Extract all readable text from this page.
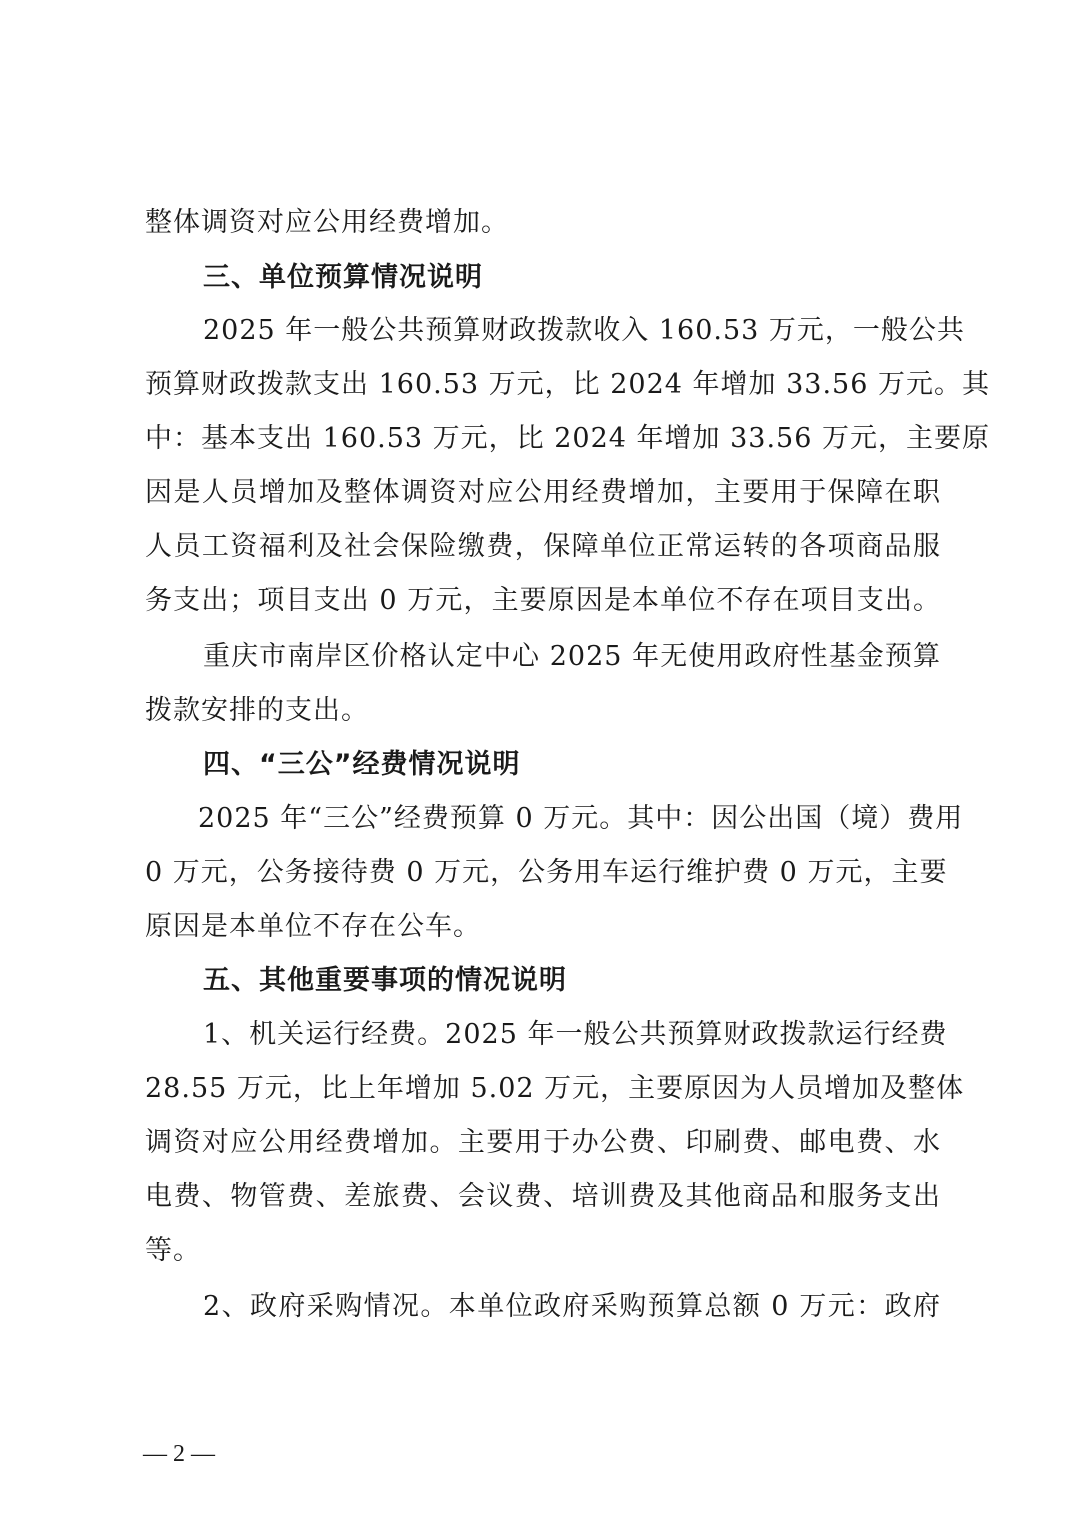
整体调资对应公用经费增加。
三、单位预算情况说明
2025 年一般公共预算财政拨款收入 160.53 万元，一般公共
预算财政拨款支出 160.53 万元，比 2024 年增加 33.56 万元。其
中：基本支出 160.53 万元，比 2024 年增加 33.56 万元，主要原
因是人员增加及整体调资对应公用经费增加，主要用于保障在职
人员工资福利及社会保险缴费，保障单位正常运转的各项商品服
务支出；项目支出 0 万元，主要原因是本单位不存在项目支出。
重庆市南岸区价格认定中心 2025 年无使用政府性基金预算
拨款安排的支出。
四、“三公”经费情况说明
2025 年“三公”经费预算 0 万元。其中：因公出国（境）费用
0 万元，公务接待费 0 万元，公务用车运行维护费 0 万元，主要
原因是本单位不存在公车。
五、其他重要事项的情况说明
1、机关运行经费。2025 年一般公共预算财政拨款运行经费
28.55 万元，比上年增加 5.02 万元，主要原因为人员增加及整体
调资对应公用经费增加。主要用于办公费、印刷费、邮电费、水
电费、物管费、差旅费、会议费、培训费及其他商品和服务支出
等。
2、政府采购情况。本单位政府采购预算总额 0 万元：政府
— 2 —
